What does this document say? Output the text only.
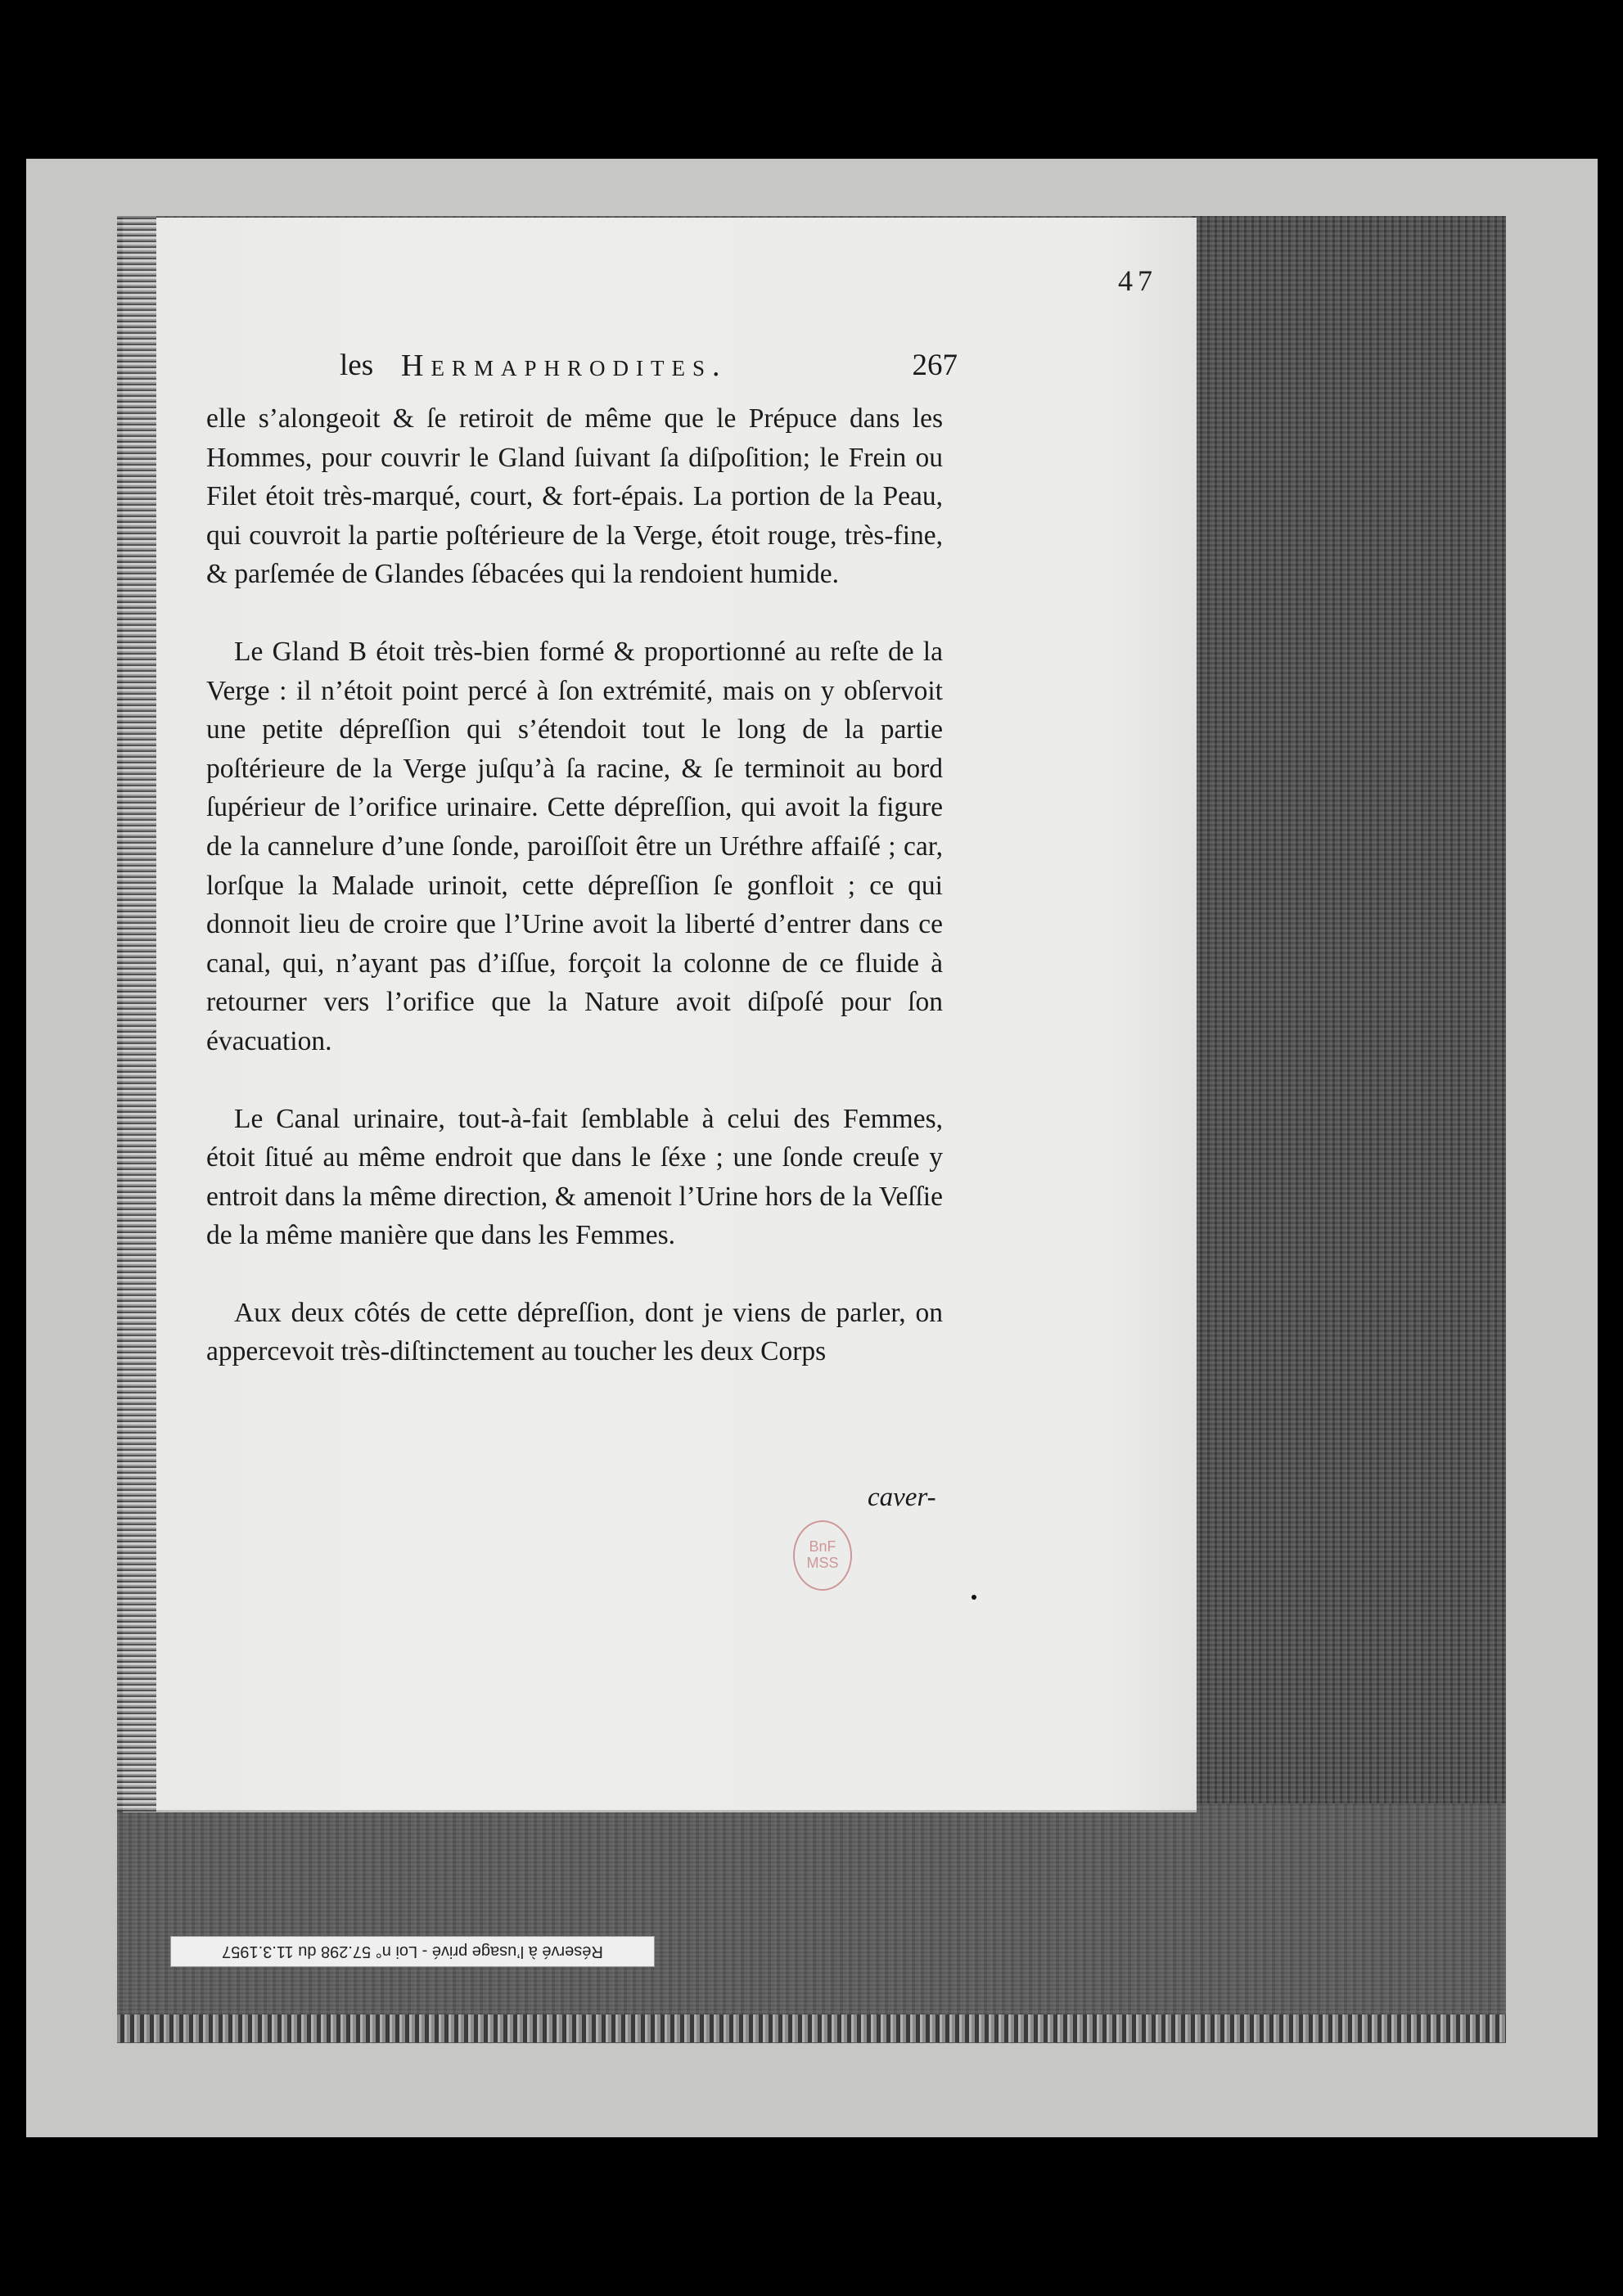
47
les Hermaphrodites.	267

elle s’alongeoit & ſe retiroit de même que le Prépuce dans les Hommes, pour couvrir le Gland ſuivant ſa diſpoſition; le Frein ou Filet étoit très-marqué, court, & fort-épais. La portion de la Peau, qui couvroit la partie poſtérieure de la Verge, étoit rouge, très-fine, & parſemée de Glandes ſébacées qui la rendoient humide.

Le Gland B étoit très-bien formé & proportionné au reſte de la Verge : il n’étoit point percé à ſon extrémité, mais on y obſervoit une petite dépreſſion qui s’étendoit tout le long de la partie poſtérieure de la Verge juſqu’à ſa racine, & ſe terminoit au bord ſupérieur de l’orifice urinaire. Cette dépreſſion, qui avoit la figure de la cannelure d’une ſonde, paroiſſoit être un Uréthre affaiſé ; car, lorſque la Malade urinoit, cette dépreſſion ſe gonfloit ; ce qui donnoit lieu de croire que l’Urine avoit la liberté d’entrer dans ce canal, qui, n’ayant pas d’iſſue, forçoit la colonne de ce fluide à retourner vers l’orifice que la Nature avoit diſpoſé pour ſon évacuation.

Le Canal urinaire, tout-à-fait ſemblable à celui des Femmes, étoit ſitué au même endroit que dans le ſéxe ; une ſonde creuſe y entroit dans la même direction, & amenoit l’Urine hors de la Veſſie de la même manière que dans les Femmes.

Aux deux côtés de cette dépreſſion, dont je viens de parler, on appercevoit très-diſtinctement au toucher les deux Corps

caver-
BnF
MSS
Réservé à l’usage privé - Loi n° 57.298 du 11.3.1957
